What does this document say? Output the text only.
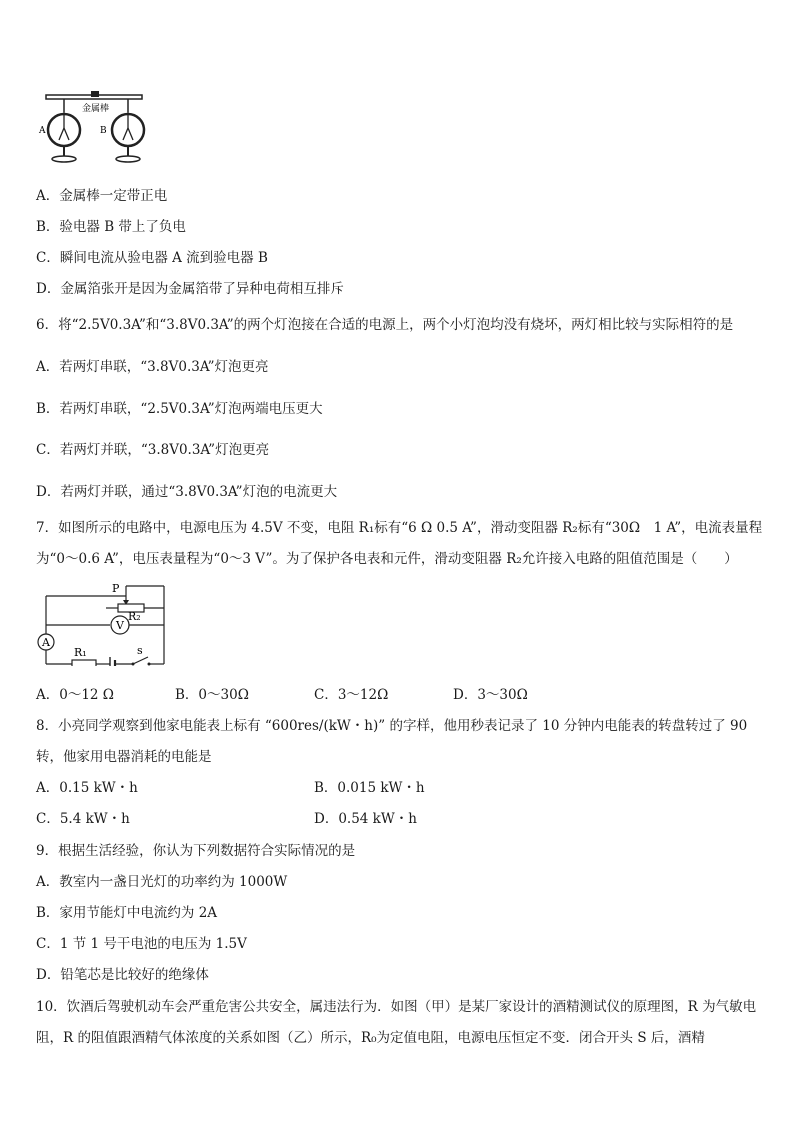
金属棒
A	B
A．金属棒一定带正电
B．验电器 B 带上了负电
C．瞬间电流从验电器 A 流到验电器 B
D．金属箔张开是因为金属箔带了异种电荷相互排斥
6．将“2.5V0.3A”和“3.8V0.3A”的两个灯泡接在合适的电源上，两个小灯泡均没有烧坏，两灯相比较与实际相符的是
A．若两灯串联，“3.8V0.3A”灯泡更亮
B．若两灯串联，“2.5V0.3A”灯泡两端电压更大
C．若两灯并联，“3.8V0.3A”灯泡更亮
D．若两灯并联，通过“3.8V0.3A”灯泡的电流更大
7．如图所示的电路中，电源电压为 4.5V 不变，电阻 R₁标有“6 Ω 0.5 A”，滑动变阻器 R₂标有“30Ω　1 A”，电流表量程为“0～0.6 A”，电压表量程为“0～3 V”。为了保护各电表和元件，滑动变阻器 R₂允许接入电路的阻值范围是（　　）
P
R₂
A
V
R₁	s
A．0～12 Ω	B．0～30Ω	C．3～12Ω	D．3～30Ω
8．小亮同学观察到他家电能表上标有 “600res/(kW・h)” 的字样，他用秒表记录了 10 分钟内电能表的转盘转过了 90 转，他家用电器消耗的电能是
A．0.15 kW・h	B．0.015 kW・h
C．5.4 kW・h	D．0.54 kW・h
9．根据生活经验，你认为下列数据符合实际情况的是
A．教室内一盏日光灯的功率约为 1000W
B．家用节能灯中电流约为 2A
C．1 节 1 号干电池的电压为 1.5V
D．铅笔芯是比较好的绝缘体
10．饮酒后驾驶机动车会严重危害公共安全，属违法行为．如图（甲）是某厂家设计的酒精测试仪的原理图，R 为气敏电阻，R 的阻值跟酒精气体浓度的关系如图（乙）所示，R₀为定值电阻，电源电压恒定不变．闭合开头 S 后，酒精
